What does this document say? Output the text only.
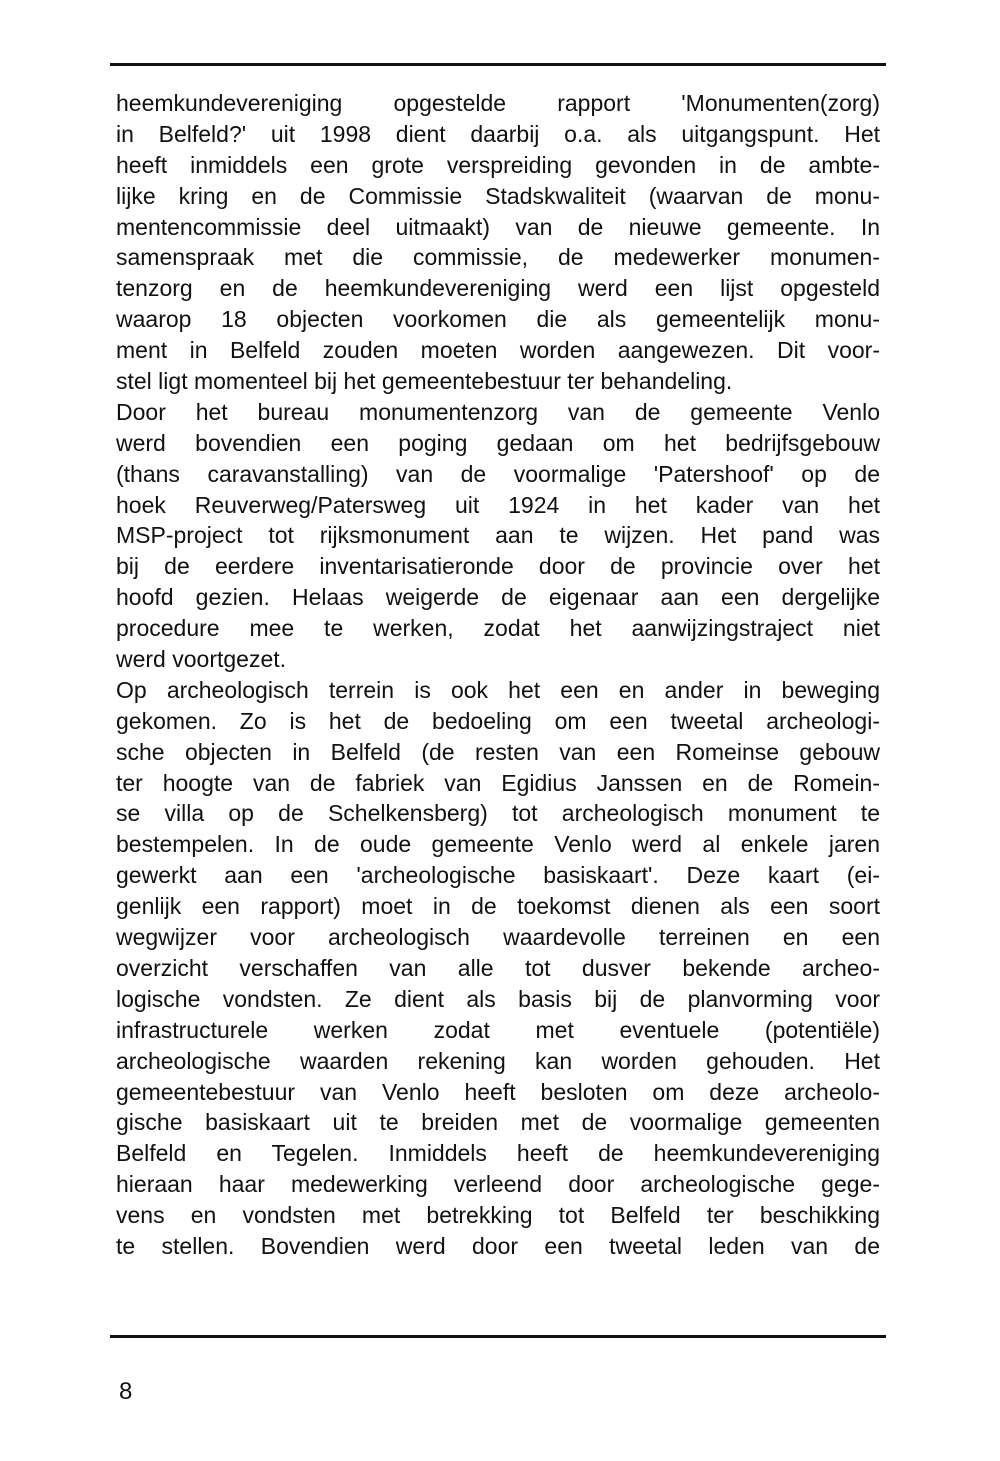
heemkundevereniging opgestelde rapport 'Monumenten(zorg)
in Belfeld?' uit 1998 dient daarbij o.a. als uitgangspunt. Het
heeft inmiddels een grote verspreiding gevonden in de ambte-
lijke kring en de Commissie Stadskwaliteit (waarvan de monu-
mentencommissie deel uitmaakt) van de nieuwe gemeente. In
samenspraak met die commissie, de medewerker monumen-
tenzorg en de heemkundevereniging werd een lijst opgesteld
waarop 18 objecten voorkomen die als gemeentelijk monu-
ment in Belfeld zouden moeten worden aangewezen. Dit voor-
stel ligt momenteel bij het gemeentebestuur ter behandeling.
Door het bureau monumentenzorg van de gemeente Venlo
werd bovendien een poging gedaan om het bedrijfsgebouw
(thans caravanstalling) van de voormalige 'Patershoof' op de
hoek Reuverweg/Patersweg uit 1924 in het kader van het
MSP-project tot rijksmonument aan te wijzen. Het pand was
bij de eerdere inventarisatieronde door de provincie over het
hoofd gezien. Helaas weigerde de eigenaar aan een dergelijke
procedure mee te werken, zodat het aanwijzingstraject niet
werd voortgezet.
Op archeologisch terrein is ook het een en ander in beweging
gekomen. Zo is het de bedoeling om een tweetal archeologi-
sche objecten in Belfeld (de resten van een Romeinse gebouw
ter hoogte van de fabriek van Egidius Janssen en de Romein-
se villa op de Schelkensberg) tot archeologisch monument te
bestempelen. In de oude gemeente Venlo werd al enkele jaren
gewerkt aan een 'archeologische basiskaart'. Deze kaart (ei-
genlijk een rapport) moet in de toekomst dienen als een soort
wegwijzer voor archeologisch waardevolle terreinen en een
overzicht verschaffen van alle tot dusver bekende archeo-
logische vondsten. Ze dient als basis bij de planvorming voor
infrastructurele werken zodat met eventuele (potentiële)
archeologische waarden rekening kan worden gehouden. Het
gemeentebestuur van Venlo heeft besloten om deze archeolo-
gische basiskaart uit te breiden met de voormalige gemeenten
Belfeld en Tegelen. Inmiddels heeft de heemkundevereniging
hieraan haar medewerking verleend door archeologische gege-
vens en vondsten met betrekking tot Belfeld ter beschikking
te stellen. Bovendien werd door een tweetal leden van de
8
